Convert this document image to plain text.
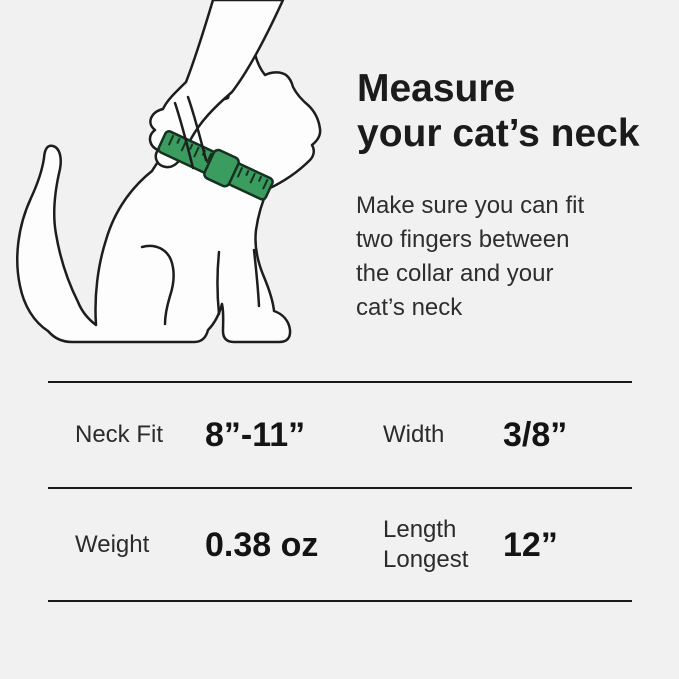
Measure
your cat’s neck
Make sure you can fit
two fingers between
the collar and your
cat’s neck
Neck Fit	8”-11”	Width	3/8”
Weight	0.38 oz	Length Longest	12”
